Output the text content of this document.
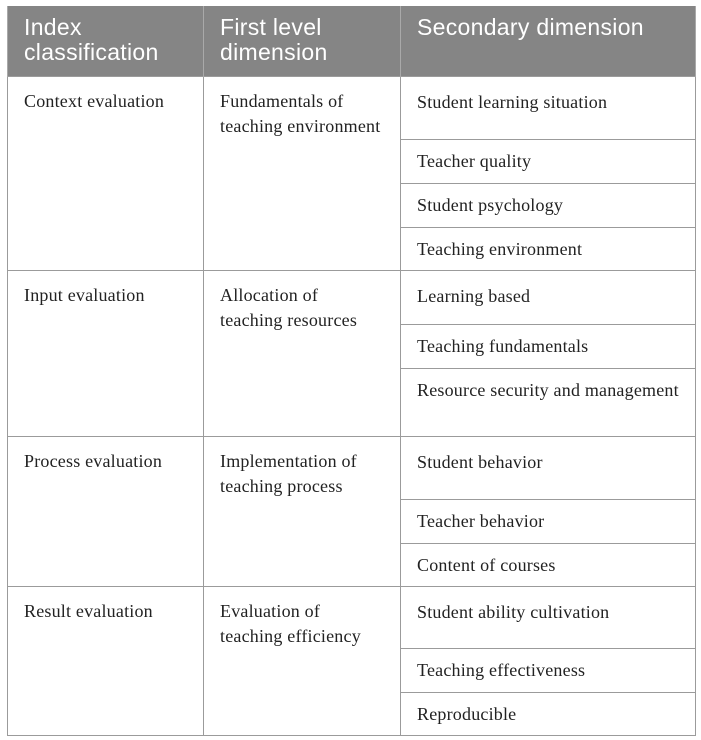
Index classification	First level dimension	Secondary dimension
Context evaluation	Fundamentals of teaching environment	Student learning situation
		Teacher quality
		Student psychology
		Teaching environment
Input evaluation	Allocation of teaching resources	Learning based
		Teaching fundamentals
		Resource security and management
Process evaluation	Implementation of teaching process	Student behavior
		Teacher behavior
		Content of courses
Result evaluation	Evaluation of teaching efficiency	Student ability cultivation
		Teaching effectiveness
		Reproducible
